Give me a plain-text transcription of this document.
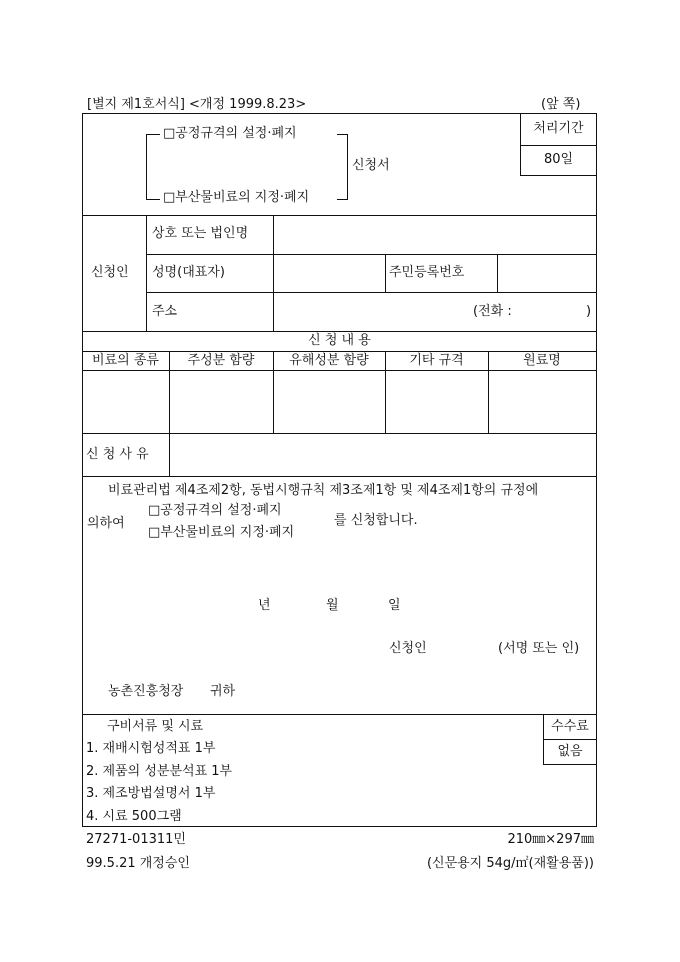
[별지 제1호서식] <개정 1999.8.23>	(앞 쪽)
□공정규격의 설정·폐지
□부산물비료의 지정·폐지
신청서
처리기간
80일
신청인
상호 또는 법인명
성명(대표자)	주민등록번호
주소	(전화 :	)
신 청 내 용
비료의 종류	주성분 함량	유해성분 함량	기타 규격	원료명
신 청 사 유
비료관리법 제4조제2항, 동법시행규칙 제3조제1항 및 제4조제1항의 규정에
의하여
□공정규격의 설정·폐지
□부산물비료의 지정·폐지
를 신청합니다.
년	월	일
신청인	(서명 또는 인)
농촌진흥청장 귀하
수수료
없음
구비서류 및 시료
1. 재배시험성적표 1부
2. 제품의 성분분석표 1부
3. 제조방법설명서 1부
4. 시료 500그램
27271-01311민	210㎜×297㎜
99.5.21 개정승인	(신문용지 54g/㎡(재활용품))
